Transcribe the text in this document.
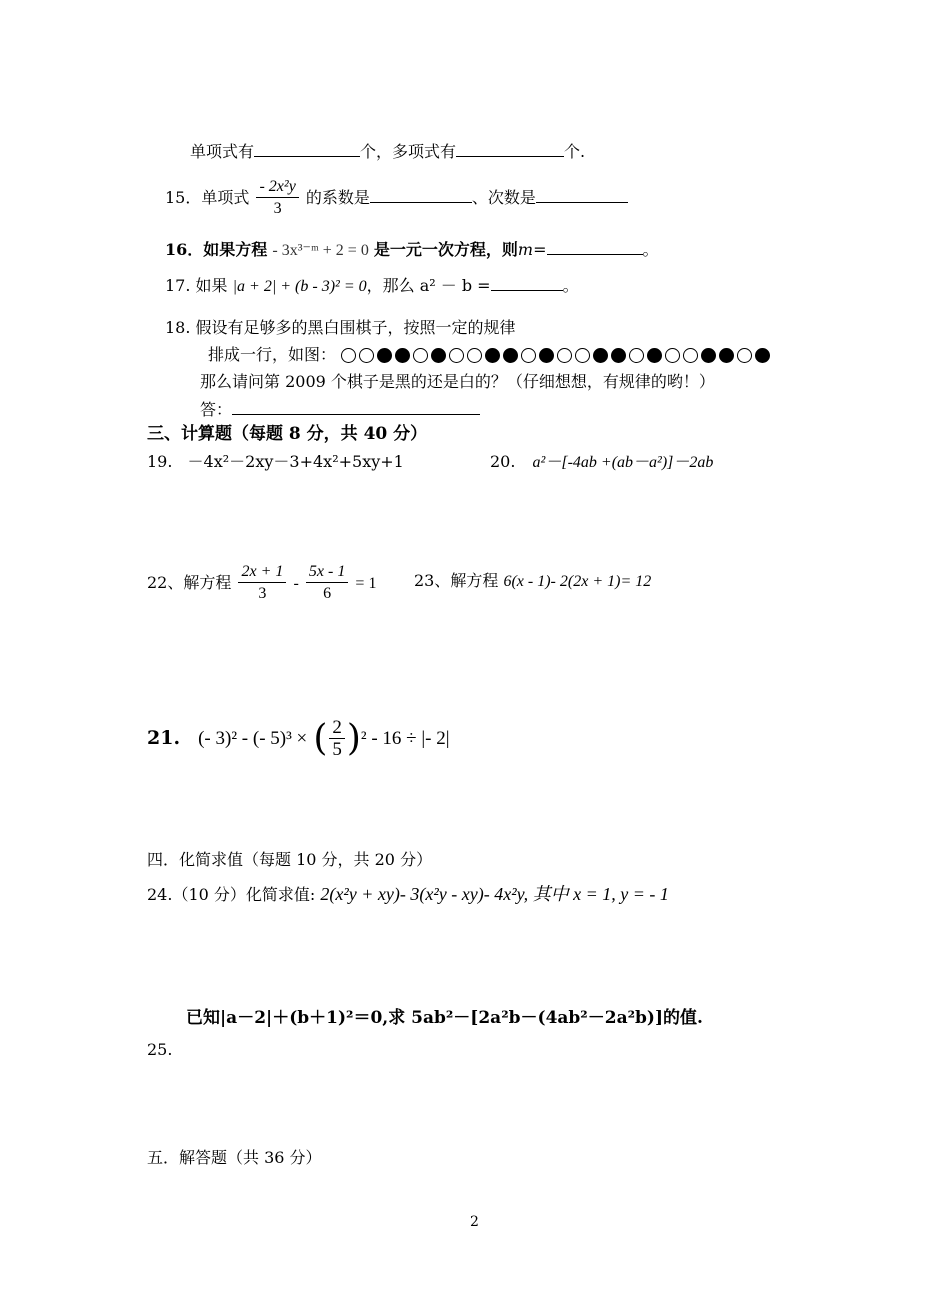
单项式有	个，多项式有	个.
15．单项式 $\frac{\text{- 2x²y}}{3}$ 的系数是	、次数是
16．如果方程 - 3x³⁻ᵐ + 2 = 0 是一元一次方程，则m=	。
17. 如果 |a + 2| + (b - 3)² = 0，那么 a² － b =	。
18. 假设有足够多的黑白围棋子，按照一定的规律
排成一行，如图：
那么请问第 2009 个棋子是黑的还是白的？（仔细想想，有规律的哟！）
答：
三、计算题（每题 8 分，共 40 分）
19. －4x²－2xy－3+4x²+5xy+1	20. a²－[-4ab +(ab－a²)]－2ab
22、解方程 $\frac{2x + 1}{3} - \frac{5x - 1}{6} = 1$ 23、解方程 6(x - 1)- 2(2x + 1)= 12
21. (- 3)² - (- 5)³ × ( $\frac{2}{5} )^2 - 16$ ÷ |- 2|
四．化简求值（每题 10 分，共 20 分）
24.（10 分）化简求值: 2(x²y + xy)- 3(x²y - xy)- 4x²y, 其中 x = 1, y = - 1
已知|a－2|＋(b＋1)²＝0,求 5ab²－[2a²b－(4ab²－2a²b)]的值.
25.
五．解答题（共 36 分）
2
